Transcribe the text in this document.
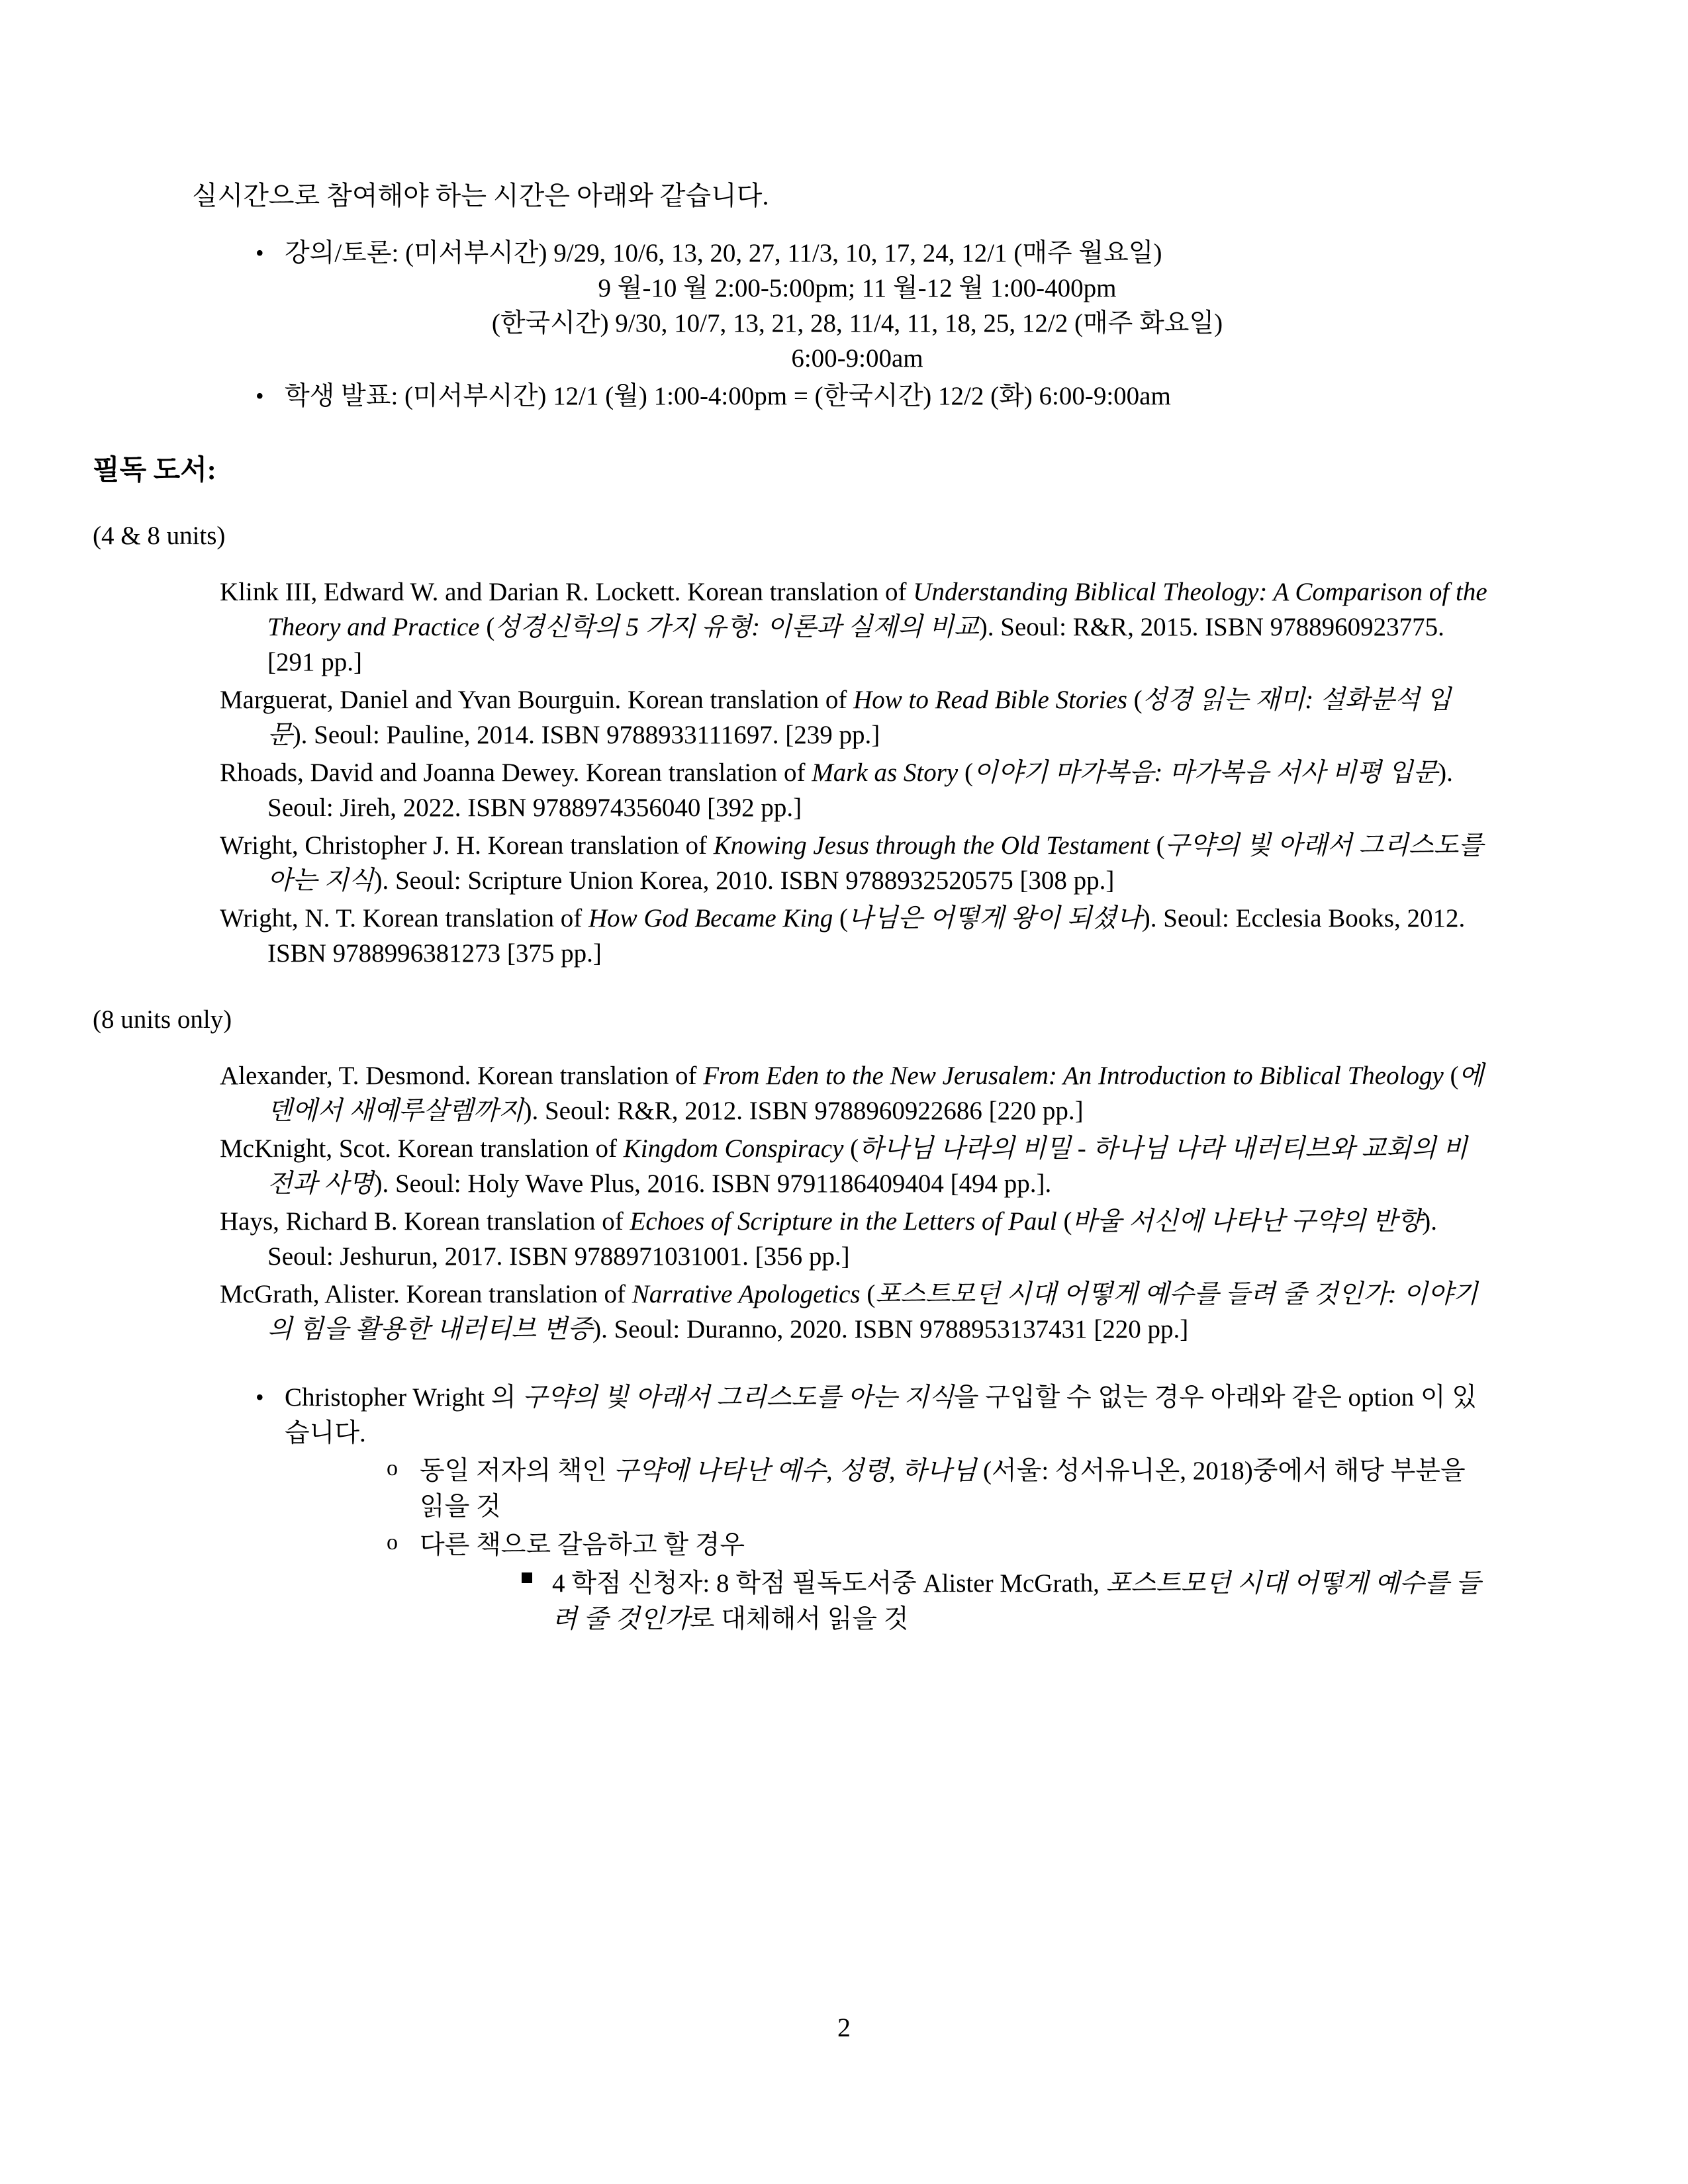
실시간으로 참여해야 하는 시간은 아래와 같습니다.

• 강의/토론: (미서부시간) 9/29, 10/6, 13, 20, 27, 11/3, 10, 17, 24, 12/1 (매주 월요일)
9 월-10 월 2:00-5:00pm; 11 월-12 월 1:00-400pm
(한국시간) 9/30, 10/7, 13, 21, 28, 11/4, 11, 18, 25, 12/2 (매주 화요일)
6:00-9:00am
• 학생 발표: (미서부시간) 12/1 (월) 1:00-4:00pm = (한국시간) 12/2 (화) 6:00-9:00am
필독 도서:
(4 & 8 units)

Klink III, Edward W. and Darian R. Lockett. Korean translation of Understanding Biblical Theology: A Comparison of the Theory and Practice (성경신학의 5 가지 유형: 이론과 실제의 비교). Seoul: R&R, 2015. ISBN 9788960923775. [291 pp.]

Marguerat, Daniel and Yvan Bourguin. Korean translation of How to Read Bible Stories (성경 읽는 재미: 설화분석 입문). Seoul: Pauline, 2014. ISBN 9788933111697. [239 pp.]

Rhoads, David and Joanna Dewey. Korean translation of Mark as Story (이야기 마가복음: 마가복음 서사 비평 입문). Seoul: Jireh, 2022. ISBN 9788974356040 [392 pp.]

Wright, Christopher J. H. Korean translation of Knowing Jesus through the Old Testament (구약의 빛 아래서 그리스도를 아는 지식). Seoul: Scripture Union Korea, 2010. ISBN 9788932520575 [308 pp.]

Wright, N. T. Korean translation of How God Became King (나님은 어떻게 왕이 되셨나). Seoul: Ecclesia Books, 2012. ISBN 9788996381273 [375 pp.]

(8 units only)

Alexander, T. Desmond. Korean translation of From Eden to the New Jerusalem: An Introduction to Biblical Theology (에덴에서 새예루살렘까지). Seoul: R&R, 2012. ISBN 9788960922686 [220 pp.]

McKnight, Scot. Korean translation of Kingdom Conspiracy (하나님 나라의 비밀 - 하나님 나라 내러티브와 교회의 비전과 사명). Seoul: Holy Wave Plus, 2016. ISBN 9791186409404 [494 pp.].

Hays, Richard B. Korean translation of Echoes of Scripture in the Letters of Paul (바울 서신에 나타난 구약의 반향). Seoul: Jeshurun, 2017. ISBN 9788971031001. [356 pp.]

McGrath, Alister. Korean translation of Narrative Apologetics (포스트모던 시대 어떻게 예수를 들려 줄 것인가: 이야기의 힘을 활용한 내러티브 변증). Seoul: Duranno, 2020. ISBN 9788953137431 [220 pp.]

• Christopher Wright 의 구약의 빛 아래서 그리스도를 아는 지식을 구입할 수 없는 경우 아래와 같은 option 이 있습니다.
o 동일 저자의 책인 구약에 나타난 예수, 성령, 하나님 (서울: 성서유니온, 2018)중에서 해당 부분을 읽을 것
o 다른 책으로 갈음하고 할 경우
4 학점 신청자: 8 학점 필독도서중 Alister McGrath, 포스트모던 시대 어떻게 예수를 들려 줄 것인가로 대체해서 읽을 것
2
